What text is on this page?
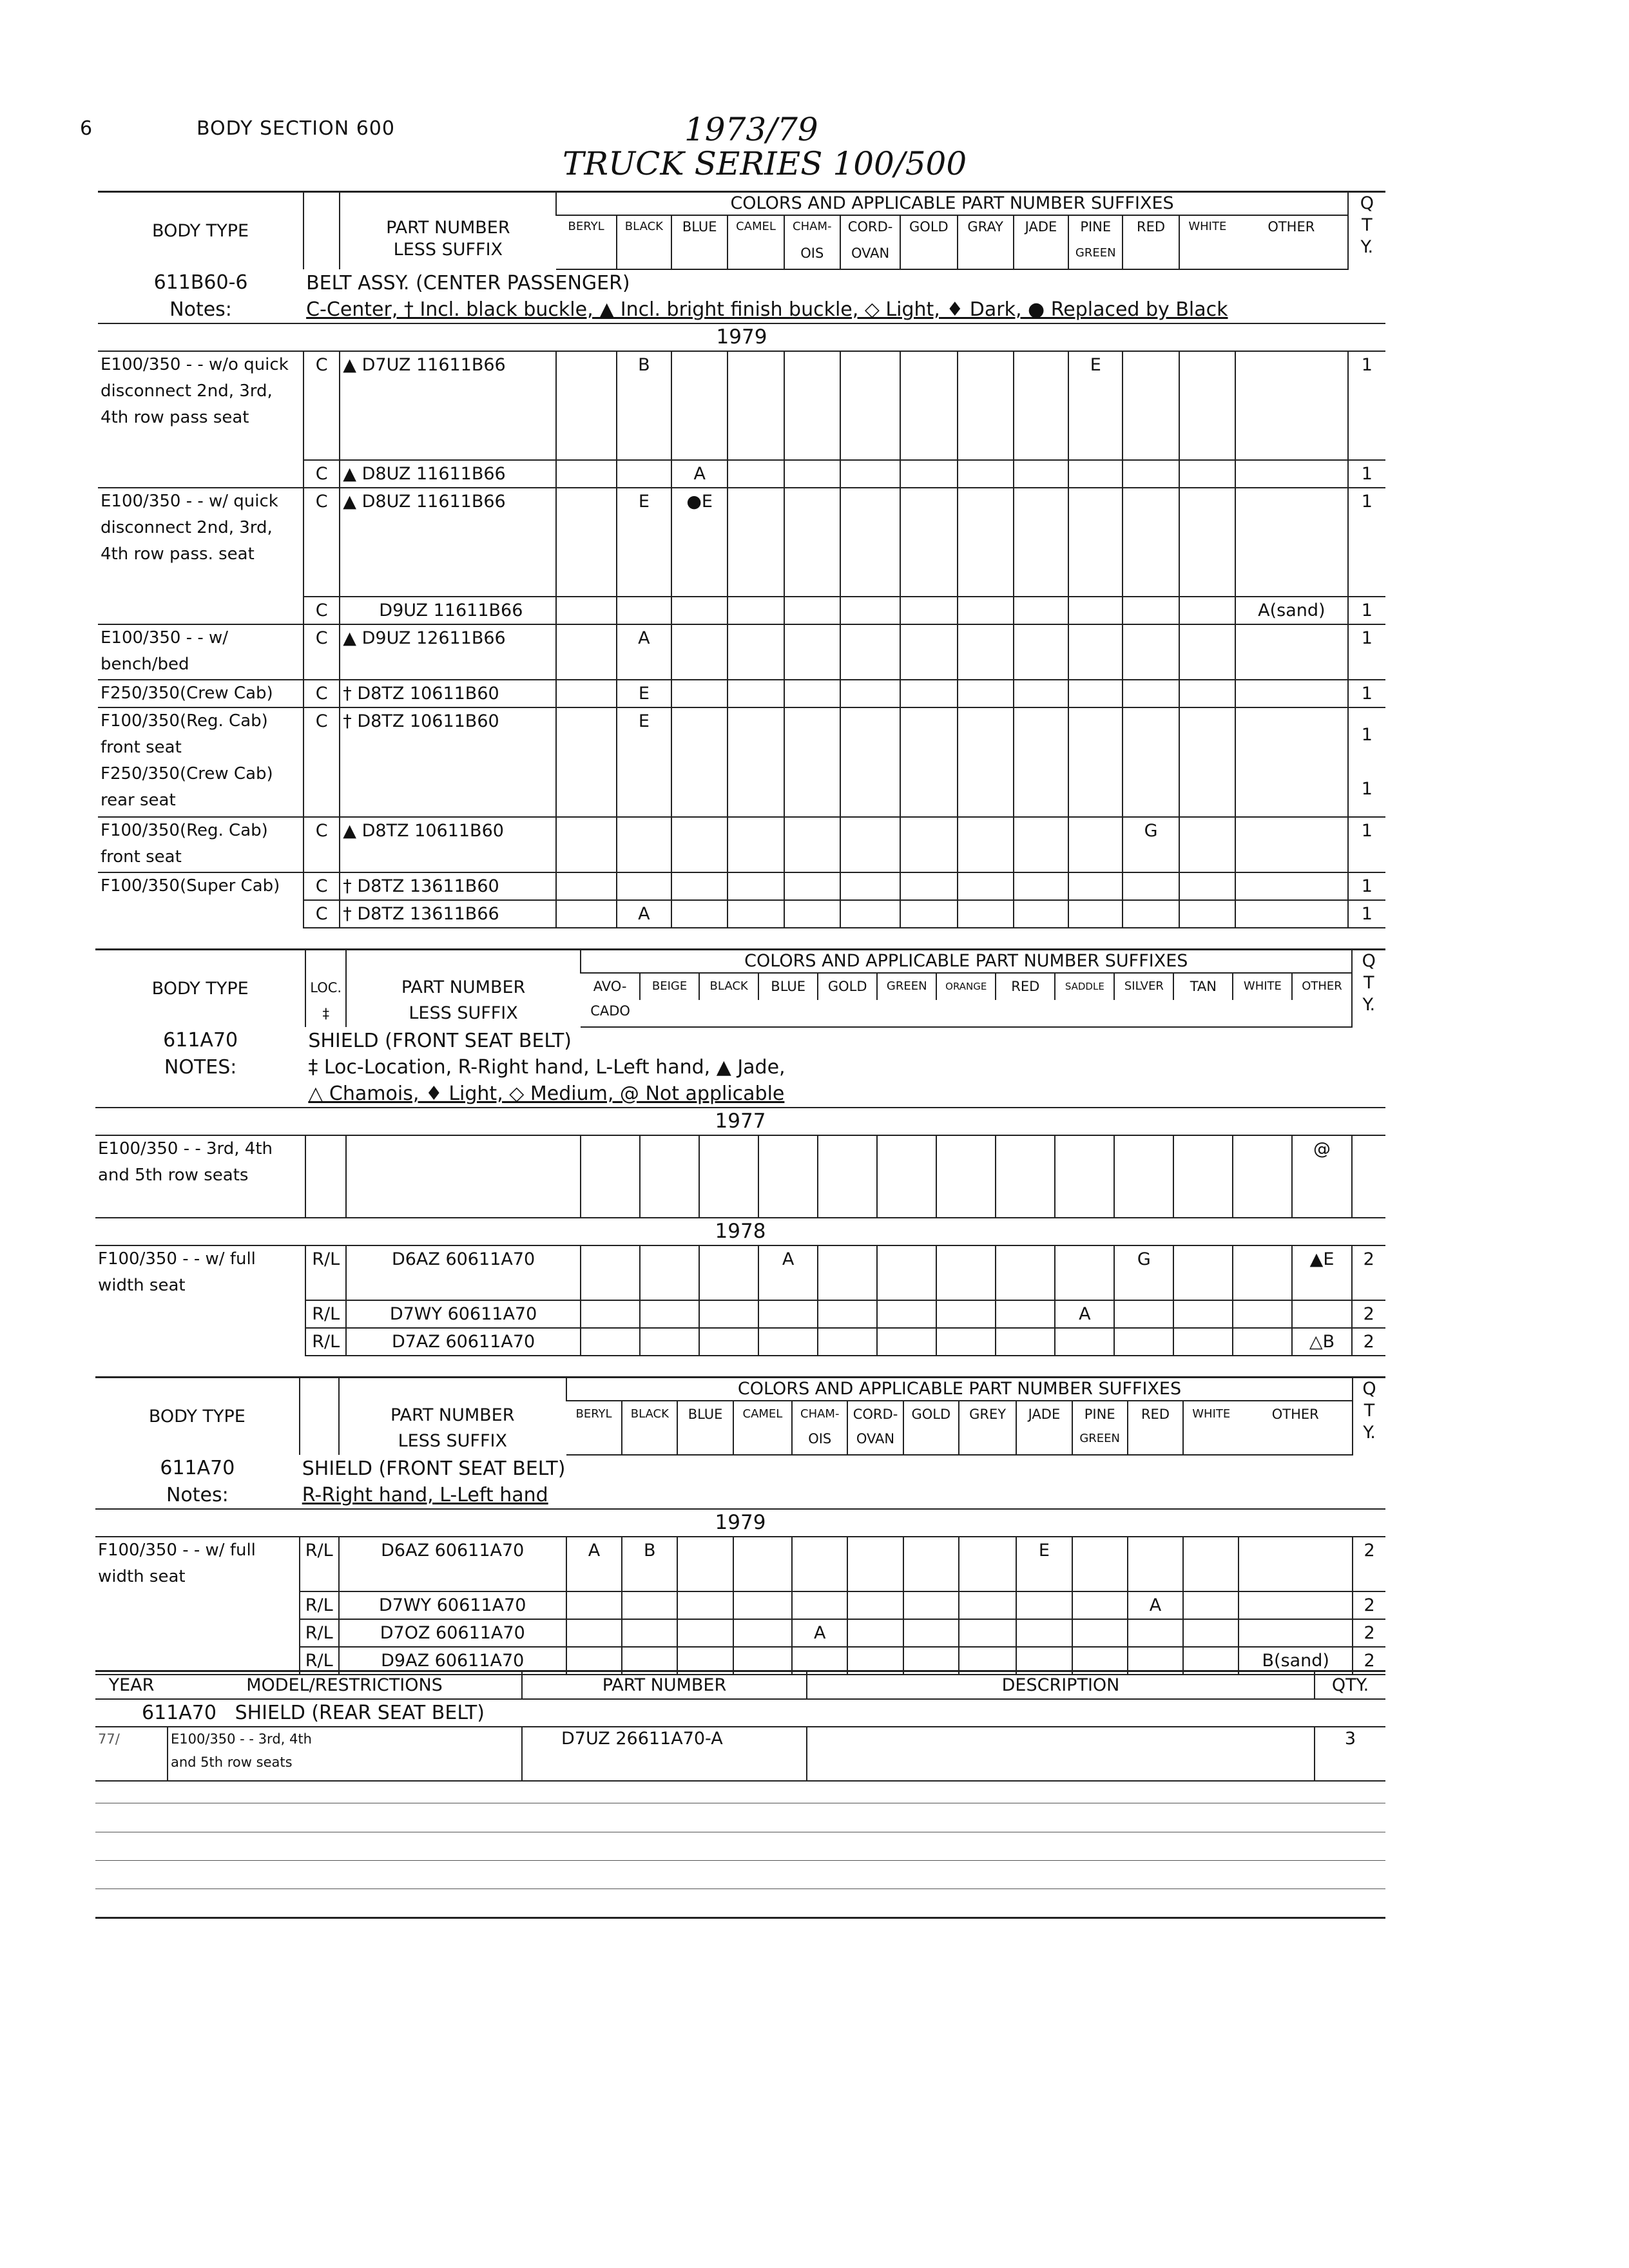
6	BODY SECTION 600	1973/79
TRUCK SERIES 100/500
BODY TYPE		PART NUMBER
LESS SUFFIX	COLORS AND APPLICABLE PART NUMBER SUFFIXES													Q
T
Y.
			BERYL	BLACK	BLUE	CAMEL	CHAM-	CORD-	GOLD	GRAY	JADE	PINE	RED	WHITE	OTHER	
							OIS	OVAN				GREEN				
611B60-6	BELT ASSY. (CENTER PASSENGER)															
Notes:	C-Center, † Incl. black buckle, ▲ Incl. bright finish buckle, ◇ Light, ♦ Dark, ● Replaced by Black															
1979																
E100/350 - - w/o quick disconnect 2nd, 3rd, 4th row pass seat	C	▲ D7UZ 11611B66		B								E				1
	C	▲ D8UZ 11611B66			A											1
E100/350 - - w/ quick disconnect 2nd, 3rd, 4th row pass. seat	C	▲ D8UZ 11611B66		E	●E											1
	C	D9UZ 11611B66													A(sand)	1
E100/350 - - w/ bench/bed	C	▲ D9UZ 12611B66		A												1
F250/350(Crew Cab)	C	† D8TZ 10611B60		E												1
F100/350(Reg. Cab) front seat F250/350(Crew Cab) rear seat	C	† D8TZ 10611B60		E												1
1
F100/350(Reg. Cab) front seat	C	▲ D8TZ 10611B60											G			1
F100/350(Super Cab)	C	† D8TZ 13611B60														1
	C	† D8TZ 13611B66		A												1
BODY TYPE	LOC.
‡	PART NUMBER
LESS SUFFIX	COLORS AND APPLICABLE PART NUMBER SUFFIXES													Q
T
Y.
			AVO-	BEIGE	BLACK	BLUE	GOLD	GREEN	ORANGE	RED	SADDLE	SILVER	TAN	WHITE	OTHER	
			CADO													
611A70	SHIELD (FRONT SEAT BELT)															
NOTES:	‡ Loc-Location, R-Right hand, L-Left hand, ▲ Jade,															
	△ Chamois, ♦ Light, ◇ Medium, @ Not applicable															
1977																
E100/350 - - 3rd, 4th and 5th row seats															@	
1978																
F100/350 - - w/ full width seat	R/L	D6AZ 60611A70				A						G			▲E	2
	R/L	D7WY 60611A70									A					2
	R/L	D7AZ 60611A70													△B	2
BODY TYPE		PART NUMBER
LESS SUFFIX	COLORS AND APPLICABLE PART NUMBER SUFFIXES													Q
T
Y.
			BERYL	BLACK	BLUE	CAMEL	CHAM-	CORD-	GOLD	GREY	JADE	PINE	RED	WHITE	OTHER	
							OIS	OVAN				GREEN				
611A70	SHIELD (FRONT SEAT BELT)															
Notes:	R-Right hand, L-Left hand															
1979																
F100/350 - - w/ full width seat	R/L	D6AZ 60611A70	A	B							E					2
	R/L	D7WY 60611A70											A			2
	R/L	D7OZ 60611A70					A									2
	R/L	D9AZ 60611A70													B(sand)	2
YEAR	MODEL/RESTRICTIONS	PART NUMBER	DESCRIPTION	QTY.
611A70 SHIELD (REAR SEAT BELT)				
77/	E100/350 - - 3rd, 4th
and 5th row seats	D7UZ 26611A70-A		3
